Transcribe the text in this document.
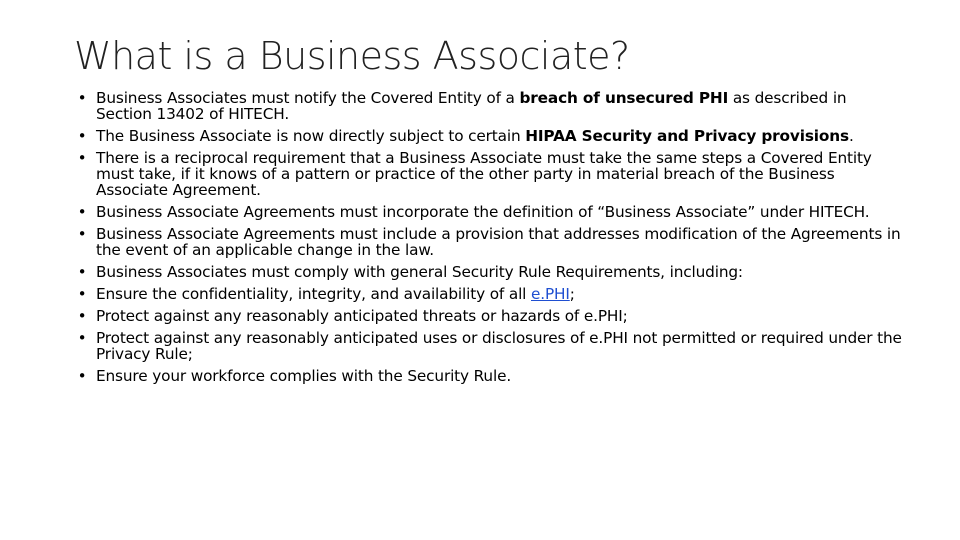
What is a Business Associate?
• Business Associates must notify the Covered Entity of a breach of unsecured PHI as described in Section 13402 of HITECH.
• The Business Associate is now directly subject to certain HIPAA Security and Privacy provisions.
• There is a reciprocal requirement that a Business Associate must take the same steps a Covered Entity must take, if it knows of a pattern or practice of the other party in material breach of the Business Associate Agreement.
• Business Associate Agreements must incorporate the definition of “Business Associate” under HITECH.
• Business Associate Agreements must include a provision that addresses modification of the Agreements in the event of an applicable change in the law.
• Business Associates must comply with general Security Rule Requirements, including:
• Ensure the confidentiality, integrity, and availability of all e.PHI;
• Protect against any reasonably anticipated threats or hazards of e.PHI;
• Protect against any reasonably anticipated uses or disclosures of e.PHI not permitted or required under the Privacy Rule;
• Ensure your workforce complies with the Security Rule.
